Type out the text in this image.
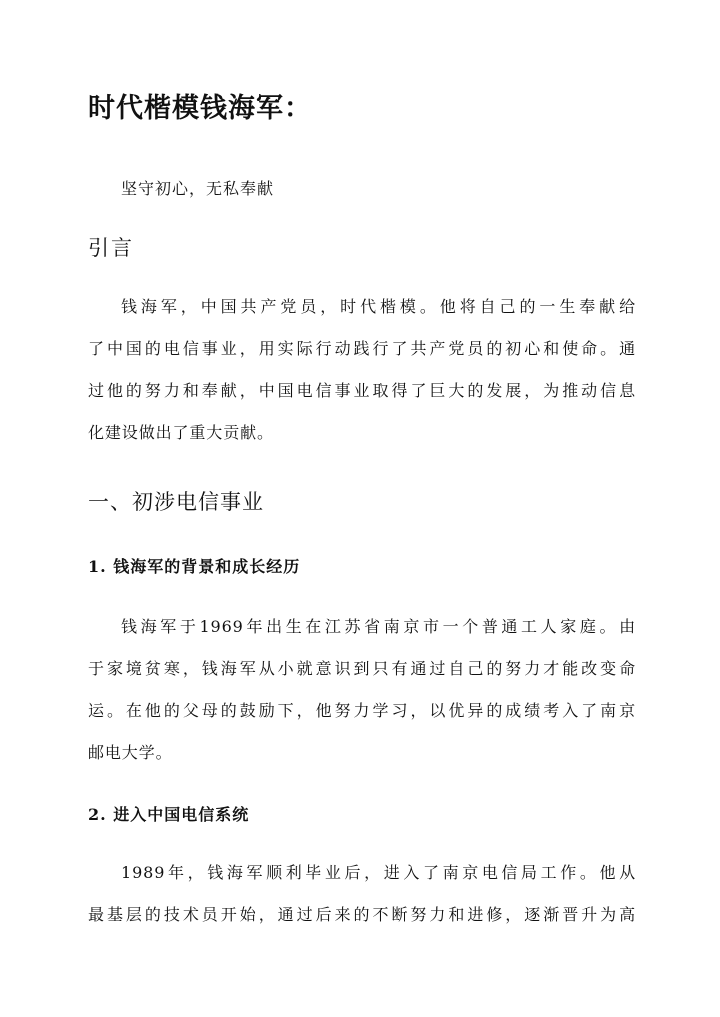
时代楷模钱海军：

坚守初心，无私奉献

引言
钱海军，中国共产党员，时代楷模。他将自己的一生奉献给
了中国的电信事业，用实际行动践行了共产党员的初心和使命。通
过他的努力和奉献，中国电信事业取得了巨大的发展，为推动信息
化建设做出了重大贡献。
一、初涉电信事业
1. 钱海军的背景和成长经历
钱海军于1969年出生在江苏省南京市一个普通工人家庭。由
于家境贫寒，钱海军从小就意识到只有通过自己的努力才能改变命
运。在他的父母的鼓励下，他努力学习，以优异的成绩考入了南京
邮电大学。
2. 进入中国电信系统
1989年，钱海军顺利毕业后，进入了南京电信局工作。他从
最基层的技术员开始，通过后来的不断努力和进修，逐渐晋升为高
